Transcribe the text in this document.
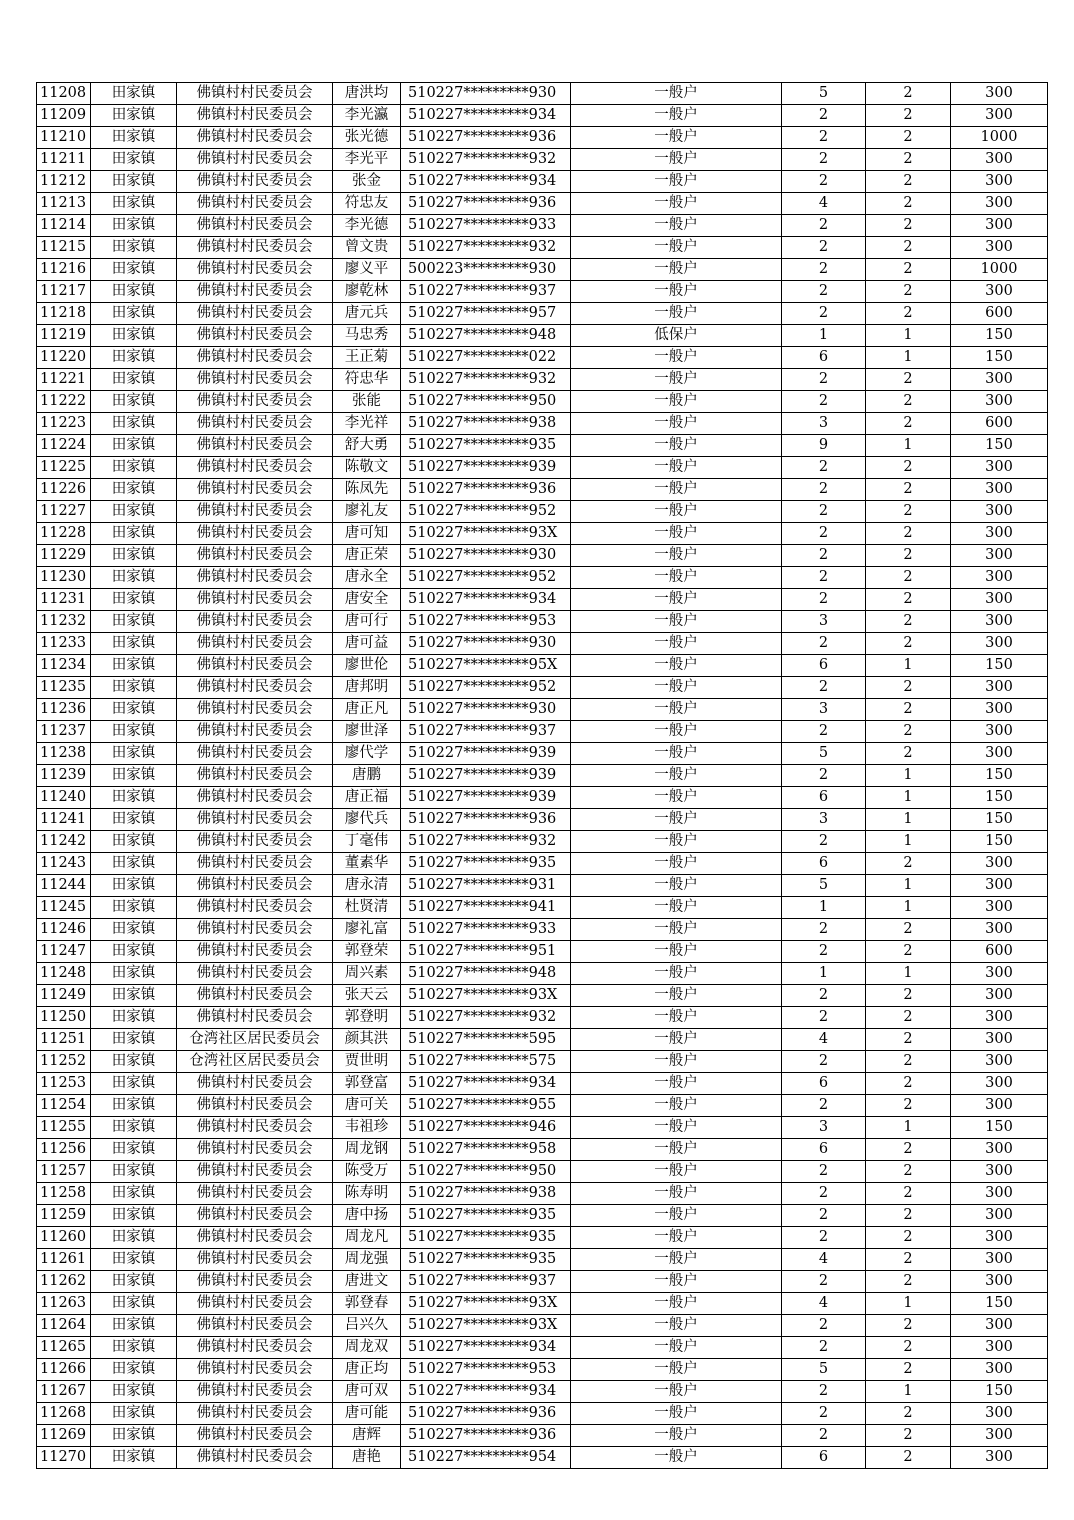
11208	田家镇	佛镇村村民委员会	唐洪均	510227*********930	一般户	5	2	300
11209	田家镇	佛镇村村民委员会	李光瀛	510227*********934	一般户	2	2	300
11210	田家镇	佛镇村村民委员会	张光德	510227*********936	一般户	2	2	1000
11211	田家镇	佛镇村村民委员会	李光平	510227*********932	一般户	2	2	300
11212	田家镇	佛镇村村民委员会	张金	510227*********934	一般户	2	2	300
11213	田家镇	佛镇村村民委员会	符忠友	510227*********936	一般户	4	2	300
11214	田家镇	佛镇村村民委员会	李光德	510227*********933	一般户	2	2	300
11215	田家镇	佛镇村村民委员会	曾文贵	510227*********932	一般户	2	2	300
11216	田家镇	佛镇村村民委员会	廖义平	500223*********930	一般户	2	2	1000
11217	田家镇	佛镇村村民委员会	廖乾林	510227*********937	一般户	2	2	300
11218	田家镇	佛镇村村民委员会	唐元兵	510227*********957	一般户	2	2	600
11219	田家镇	佛镇村村民委员会	马忠秀	510227*********948	低保户	1	1	150
11220	田家镇	佛镇村村民委员会	王正菊	510227*********022	一般户	6	1	150
11221	田家镇	佛镇村村民委员会	符忠华	510227*********932	一般户	2	2	300
11222	田家镇	佛镇村村民委员会	张能	510227*********950	一般户	2	2	300
11223	田家镇	佛镇村村民委员会	李光祥	510227*********938	一般户	3	2	600
11224	田家镇	佛镇村村民委员会	舒大勇	510227*********935	一般户	9	1	150
11225	田家镇	佛镇村村民委员会	陈敬文	510227*********939	一般户	2	2	300
11226	田家镇	佛镇村村民委员会	陈凤先	510227*********936	一般户	2	2	300
11227	田家镇	佛镇村村民委员会	廖礼友	510227*********952	一般户	2	2	300
11228	田家镇	佛镇村村民委员会	唐可知	510227*********93X	一般户	2	2	300
11229	田家镇	佛镇村村民委员会	唐正荣	510227*********930	一般户	2	2	300
11230	田家镇	佛镇村村民委员会	唐永全	510227*********952	一般户	2	2	300
11231	田家镇	佛镇村村民委员会	唐安全	510227*********934	一般户	2	2	300
11232	田家镇	佛镇村村民委员会	唐可行	510227*********953	一般户	3	2	300
11233	田家镇	佛镇村村民委员会	唐可益	510227*********930	一般户	2	2	300
11234	田家镇	佛镇村村民委员会	廖世伦	510227*********95X	一般户	6	1	150
11235	田家镇	佛镇村村民委员会	唐邦明	510227*********952	一般户	2	2	300
11236	田家镇	佛镇村村民委员会	唐正凡	510227*********930	一般户	3	2	300
11237	田家镇	佛镇村村民委员会	廖世泽	510227*********937	一般户	2	2	300
11238	田家镇	佛镇村村民委员会	廖代学	510227*********939	一般户	5	2	300
11239	田家镇	佛镇村村民委员会	唐鹏	510227*********939	一般户	2	1	150
11240	田家镇	佛镇村村民委员会	唐正福	510227*********939	一般户	6	1	150
11241	田家镇	佛镇村村民委员会	廖代兵	510227*********936	一般户	3	1	150
11242	田家镇	佛镇村村民委员会	丁毫伟	510227*********932	一般户	2	1	150
11243	田家镇	佛镇村村民委员会	董素华	510227*********935	一般户	6	2	300
11244	田家镇	佛镇村村民委员会	唐永清	510227*********931	一般户	5	1	300
11245	田家镇	佛镇村村民委员会	杜贤清	510227*********941	一般户	1	1	300
11246	田家镇	佛镇村村民委员会	廖礼富	510227*********933	一般户	2	2	300
11247	田家镇	佛镇村村民委员会	郭登荣	510227*********951	一般户	2	2	600
11248	田家镇	佛镇村村民委员会	周兴素	510227*********948	一般户	1	1	300
11249	田家镇	佛镇村村民委员会	张天云	510227*********93X	一般户	2	2	300
11250	田家镇	佛镇村村民委员会	郭登明	510227*********932	一般户	2	2	300
11251	田家镇	仓湾社区居民委员会	颜其洪	510227*********595	一般户	4	2	300
11252	田家镇	仓湾社区居民委员会	贾世明	510227*********575	一般户	2	2	300
11253	田家镇	佛镇村村民委员会	郭登富	510227*********934	一般户	6	2	300
11254	田家镇	佛镇村村民委员会	唐可关	510227*********955	一般户	2	2	300
11255	田家镇	佛镇村村民委员会	韦祖珍	510227*********946	一般户	3	1	150
11256	田家镇	佛镇村村民委员会	周龙钢	510227*********958	一般户	6	2	300
11257	田家镇	佛镇村村民委员会	陈受万	510227*********950	一般户	2	2	300
11258	田家镇	佛镇村村民委员会	陈寿明	510227*********938	一般户	2	2	300
11259	田家镇	佛镇村村民委员会	唐中扬	510227*********935	一般户	2	2	300
11260	田家镇	佛镇村村民委员会	周龙凡	510227*********935	一般户	2	2	300
11261	田家镇	佛镇村村民委员会	周龙强	510227*********935	一般户	4	2	300
11262	田家镇	佛镇村村民委员会	唐进文	510227*********937	一般户	2	2	300
11263	田家镇	佛镇村村民委员会	郭登春	510227*********93X	一般户	4	1	150
11264	田家镇	佛镇村村民委员会	吕兴久	510227*********93X	一般户	2	2	300
11265	田家镇	佛镇村村民委员会	周龙双	510227*********934	一般户	2	2	300
11266	田家镇	佛镇村村民委员会	唐正均	510227*********953	一般户	5	2	300
11267	田家镇	佛镇村村民委员会	唐可双	510227*********934	一般户	2	1	150
11268	田家镇	佛镇村村民委员会	唐可能	510227*********936	一般户	2	2	300
11269	田家镇	佛镇村村民委员会	唐辉	510227*********936	一般户	2	2	300
11270	田家镇	佛镇村村民委员会	唐艳	510227*********954	一般户	6	2	300
